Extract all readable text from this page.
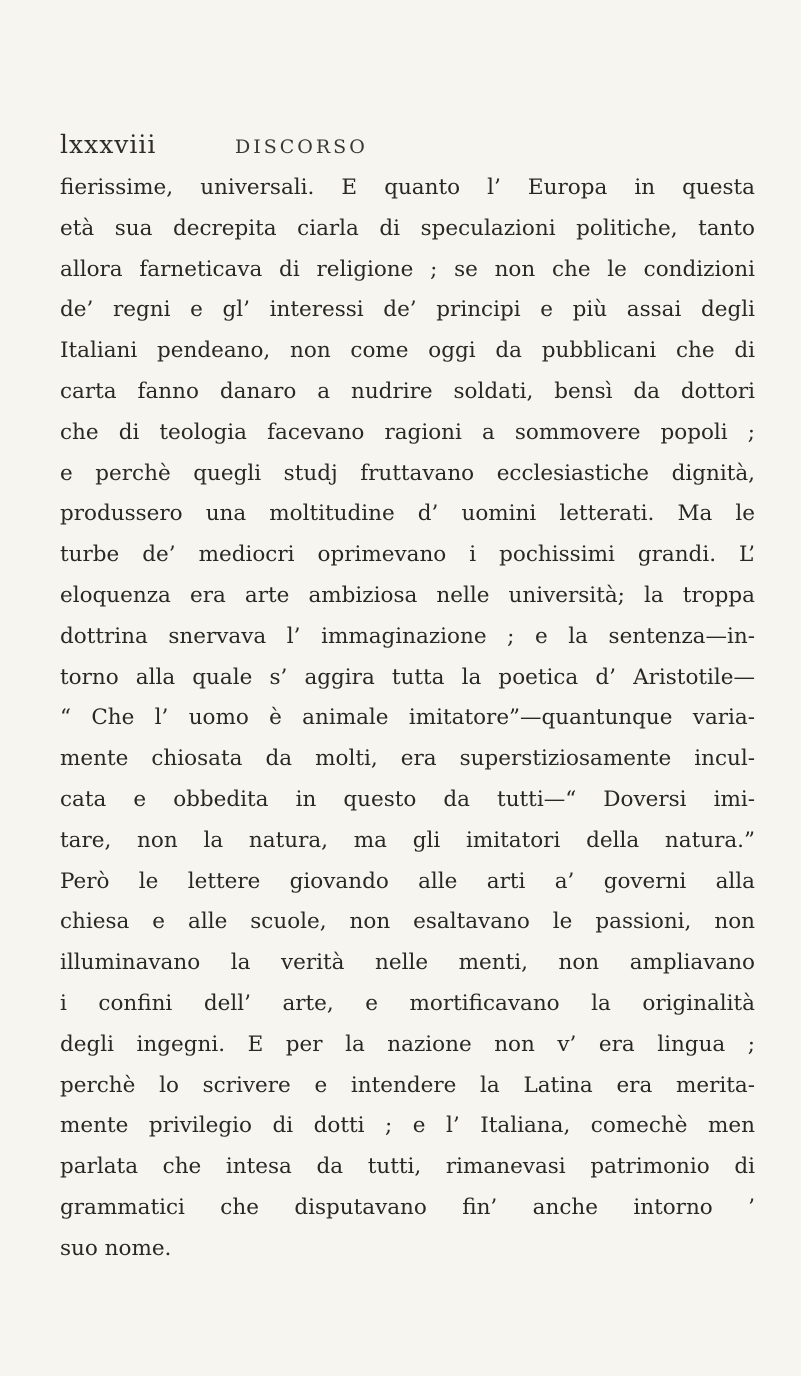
lxxxviii	DISCORSO
fierissime, universali. E quanto l’ Europa in questa
età sua decrepita ciarla di speculazioni politiche, tanto
allora farneticava di religione ; se non che le condizioni
de’ regni e gl’ interessi de’ principi e più assai degli
Italiani pendeano, non come oggi da pubblicani che di
carta fanno danaro a nudrire soldati, bensì da dottori
che di teologia facevano ragioni a sommovere popoli ;
e perchè quegli studj fruttavano ecclesiastiche dignità,
produssero una moltitudine d’ uomini letterati. Ma le
turbe de’ mediocri oprimevano i pochissimi grandi. L’
eloquenza era arte ambiziosa nelle università; la troppa
dottrina snervava l’ immaginazione ; e la sentenza—in-
torno alla quale s’ aggira tutta la poetica d’ Aristotile—
“ Che l’ uomo è animale imitatore”—quantunque varia-
mente chiosata da molti, era superstiziosamente incul-
cata e obbedita in questo da tutti—“ Doversi imi-
tare, non la natura, ma gli imitatori della natura.”
Però le lettere giovando alle arti a’ governi alla
chiesa e alle scuole, non esaltavano le passioni, non
illuminavano la verità nelle menti, non ampliavano
i confini dell’ arte, e mortificavano la originalità
degli ingegni. E per la nazione non v’ era lingua ;
perchè lo scrivere e intendere la Latina era merita-
mente privilegio di dotti ; e l’ Italiana, comechè men
parlata che intesa da tutti, rimanevasi patrimonio di
grammatici che disputavano fin’ anche intorno ’
suo nome.
